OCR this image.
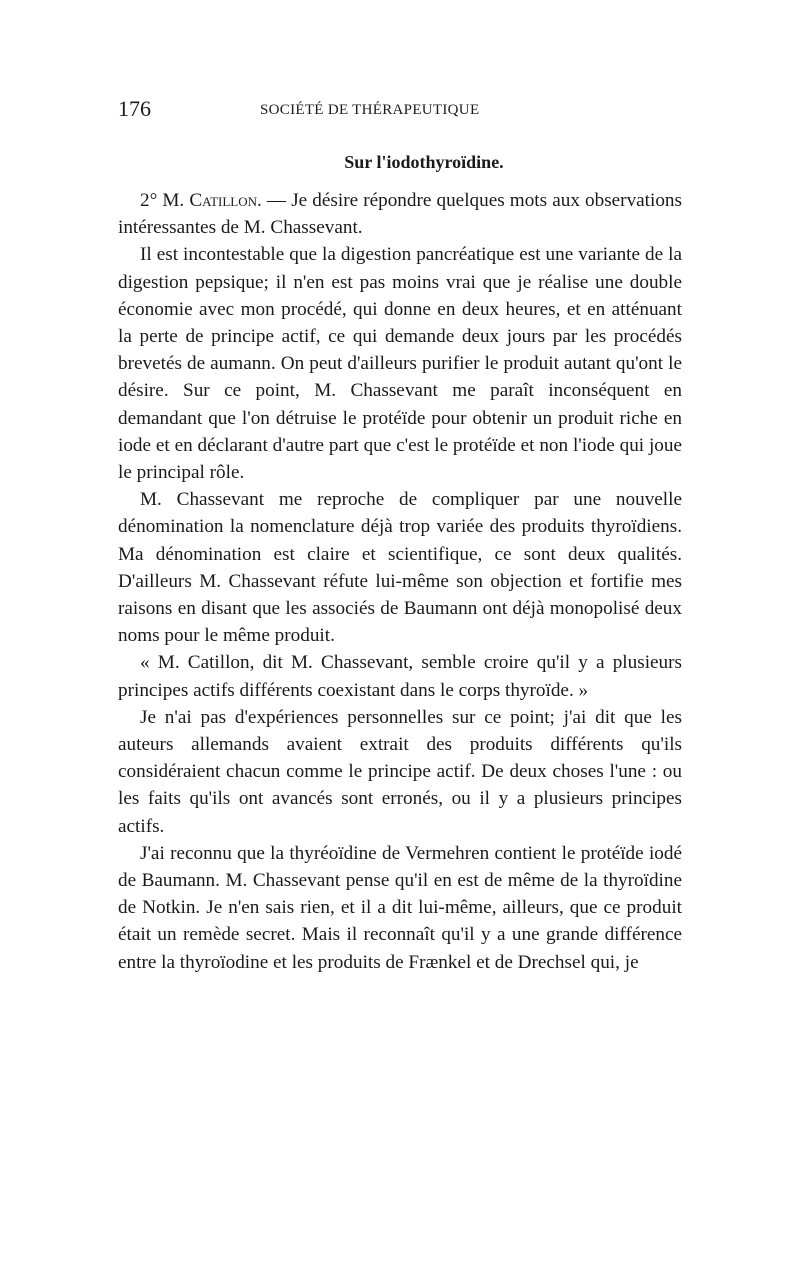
176	SOCIÉTÉ DE THÉRAPEUTIQUE
Sur l'iodothyroïdine.

2° M. Catillon. — Je désire répondre quelques mots aux observations intéressantes de M. Chassevant.

Il est incontestable que la digestion pancréatique est une variante de la digestion pepsique; il n'en est pas moins vrai que je réalise une double économie avec mon procédé, qui donne en deux heures, et en atténuant la perte de principe actif, ce qui demande deux jours par les procédés brevetés de aumann. On peut d'ailleurs purifier le produit autant qu'ont le désire. Sur ce point, M. Chassevant me paraît inconséquent en demandant que l'on détruise le protéïde pour obtenir un produit riche en iode et en déclarant d'autre part que c'est le protéïde et non l'iode qui joue le principal rôle.

M. Chassevant me reproche de compliquer par une nouvelle dénomination la nomenclature déjà trop variée des produits thyroïdiens. Ma dénomination est claire et scientifique, ce sont deux qualités. D'ailleurs M. Chassevant réfute lui-même son objection et fortifie mes raisons en disant que les associés de Baumann ont déjà monopolisé deux noms pour le même produit.

« M. Catillon, dit M. Chassevant, semble croire qu'il y a plusieurs principes actifs différents coexistant dans le corps thyroïde. »

Je n'ai pas d'expériences personnelles sur ce point; j'ai dit que les auteurs allemands avaient extrait des produits différents qu'ils considéraient chacun comme le principe actif. De deux choses l'une : ou les faits qu'ils ont avancés sont erronés, ou il y a plusieurs principes actifs.

J'ai reconnu que la thyréoïdine de Vermehren contient le protéïde iodé de Baumann. M. Chassevant pense qu'il en est de même de la thyroïdine de Notkin. Je n'en sais rien, et il a dit lui-même, ailleurs, que ce produit était un remède secret. Mais il reconnaît qu'il y a une grande différence entre la thyroïodine et les produits de Frænkel et de Drechsel qui, je
